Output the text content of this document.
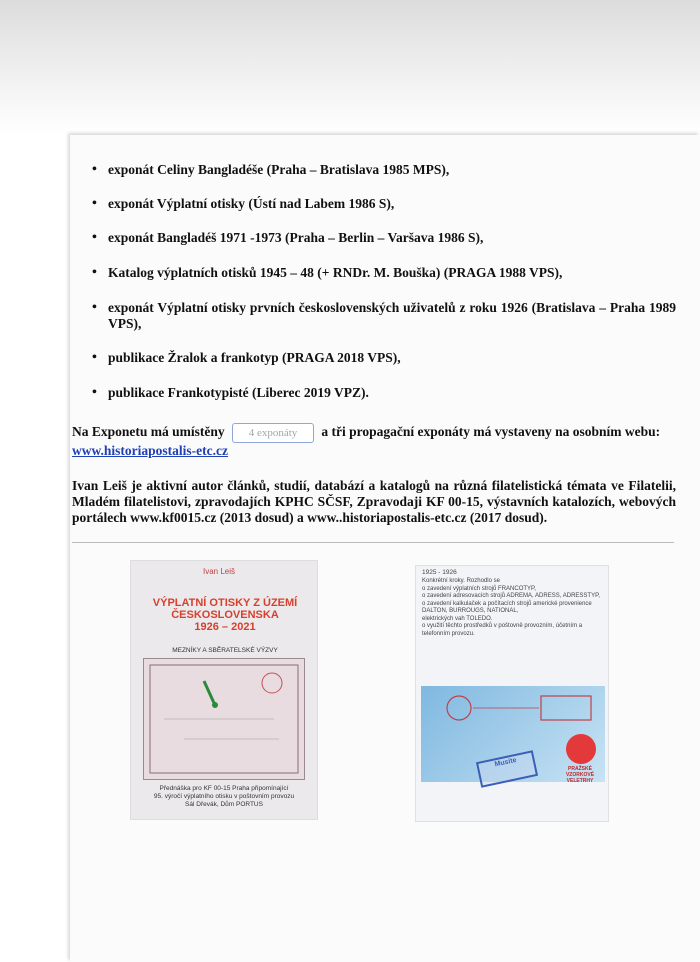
• exponát Celiny Bangladéše (Praha – Bratislava 1985 MPS),
• exponát Výplatní otisky (Ústí nad Labem 1986 S),
• exponát Bangladéš 1971 -1973 (Praha – Berlin – Varšava 1986 S),
• Katalog výplatních otisků 1945 – 48 (+ RNDr. M. Bouška) (PRAGA 1988 VPS),
• exponát Výplatní otisky prvních československých uživatelů z roku 1926 (Bratislava – Praha 1989 VPS),
• publikace Žralok a frankotyp (PRAGA 2018 VPS),
• publikace Frankotypisté (Liberec 2019 VPZ).

Na Exponetu má umístěny 4 exponáty a tři propagační exponáty má vystaveny na osobním webu:
www.historiapostalis-etc.cz

Ivan Leiš je aktivní autor článků, studií, databází a katalogů na různá filatelistická témata ve Filatelii, Mladém filatelistovi, zpravodajích KPHC SČSF, Zpravodaji KF 00-15, výstavních katalozích, webových portálech www.kf0015.cz (2013 dosud) a www..historiapostalis-etc.cz (2017 dosud).

Ivan Leiš
VÝPLATNÍ OTISKY Z ÚZEMÍ
ČESKOSLOVENSKA
1926 – 2021
MEZNÍKY A SBĚRATELSKÉ VÝZVY
Přednáška pro KF 00-15 Praha připomínající
95. výročí výplatního otisku v poštovním provozu
Sál Dřevák, Dům PORTUS
1925 - 1926
Konkrétní kroky. Rozhodlo se
o zavedení výplatních strojů FRANCOTYP,
o zavedení adresovacích strojů ADREMA, ADRESS, ADRESSTYP,
o zavedení kalkulaček a počítacích strojů americké provenience DALTON, BURROUGS, NATIONAL,
elektrických vah TOLEDO.
o využití těchto prostředků v poštovně provozním, účetním a telefonním provozu.
Musíte
PRAŽSKÉ VZORKOVÉ VELETRHY
